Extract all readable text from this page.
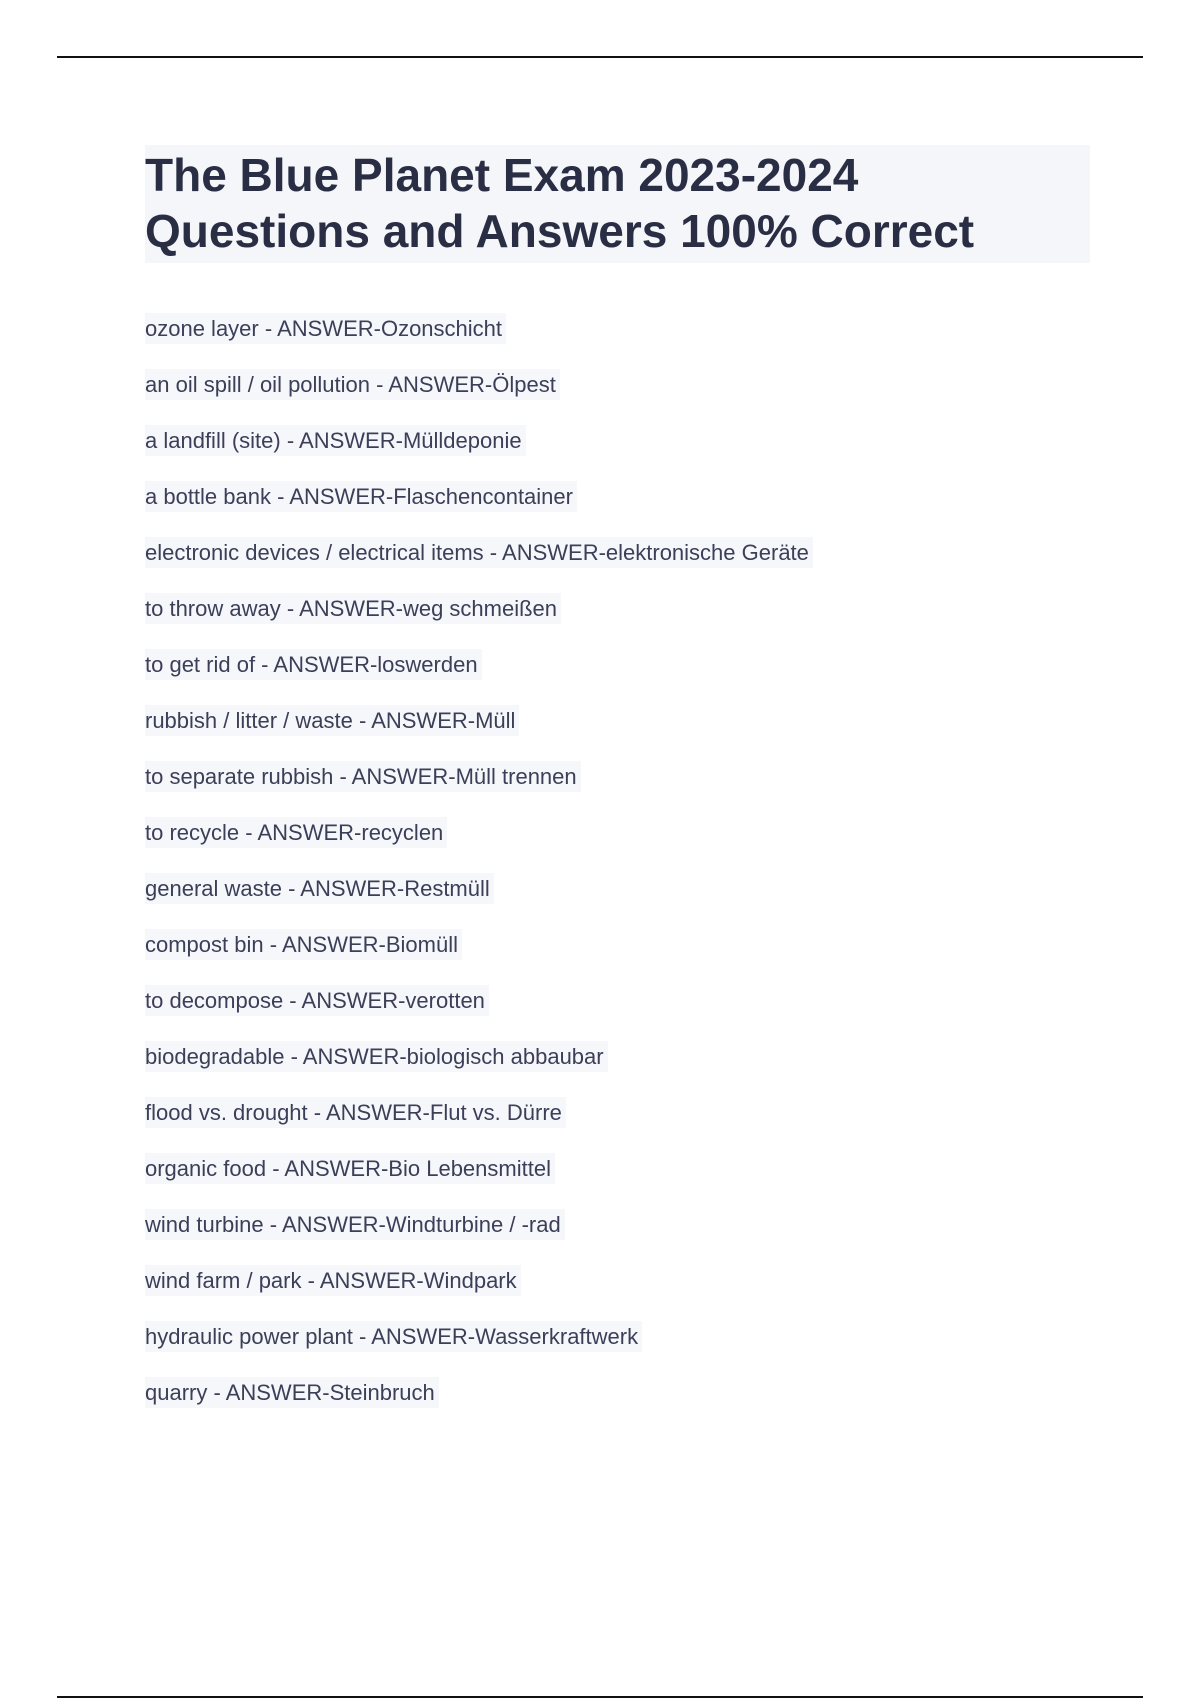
The Blue Planet Exam 2023-2024
Questions and Answers 100% Correct
ozone layer - ANSWER-Ozonschicht
an oil spill / oil pollution - ANSWER-Ölpest
a landfill (site) - ANSWER-Mülldeponie
a bottle bank - ANSWER-Flaschencontainer
electronic devices / electrical items - ANSWER-elektronische Geräte
to throw away - ANSWER-weg schmeißen
to get rid of - ANSWER-loswerden
rubbish / litter / waste - ANSWER-Müll
to separate rubbish - ANSWER-Müll trennen
to recycle - ANSWER-recyclen
general waste - ANSWER-Restmüll
compost bin - ANSWER-Biomüll
to decompose - ANSWER-verotten
biodegradable - ANSWER-biologisch abbaubar
flood vs. drought - ANSWER-Flut vs. Dürre
organic food - ANSWER-Bio Lebensmittel
wind turbine - ANSWER-Windturbine / -rad
wind farm / park - ANSWER-Windpark
hydraulic power plant - ANSWER-Wasserkraftwerk
quarry - ANSWER-Steinbruch
